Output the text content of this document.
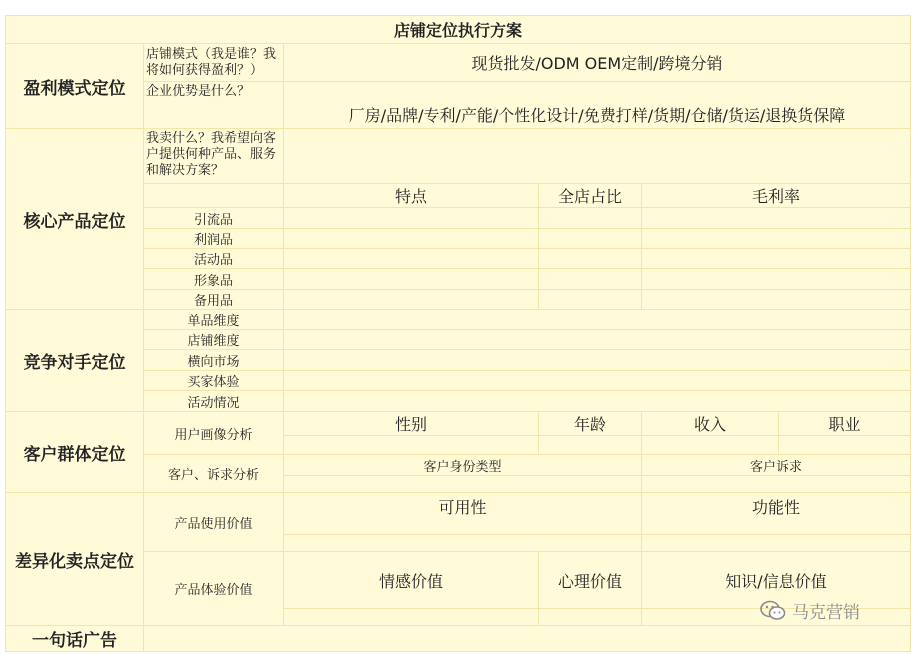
店铺定位执行方案					
盈利模式定位	店铺模式（我是谁？我将如何获得盈利？）	现货批发/ODM OEM定制/跨境分销			
	企业优势是什么？	厂房/品牌/专利/产能/个性化设计/免费打样/货期/仓储/货运/退换货保障			
核心产品定位	我卖什么？我希望向客户提供何种产品、服务和解决方案？				
		特点	全店占比	毛利率	
	引流品				
	利润品				
	活动品				
	形象品				
	备用品				
竞争对手定位	单品维度				
	店铺维度				
	横向市场				
	买家体验				
	活动情况				
客户群体定位	用户画像分析	性别	年龄	收入	职业

	客户、诉求分析	客户身份类型		客户诉求	

差异化卖点定位	产品使用价值	可用性		功能性	

	产品体验价值	情感价值	心理价值	知识/信息价值	

一句话广告					
马克营销
